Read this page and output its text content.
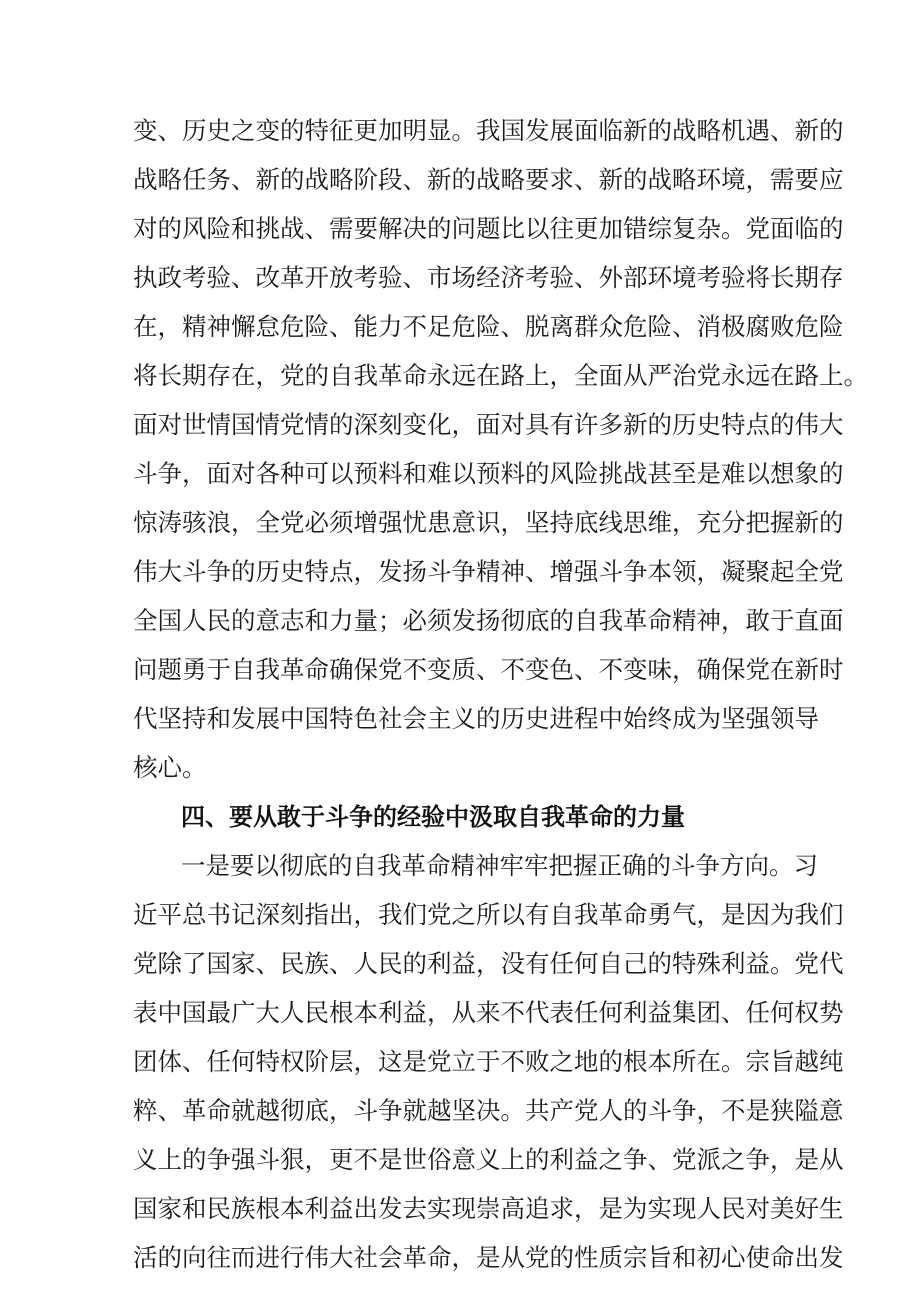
变、历史之变的特征更加明显。我国发展面临新的战略机遇、新的
战略任务、新的战略阶段、新的战略要求、新的战略环境，需要应
对的风险和挑战、需要解决的问题比以往更加错综复杂。党面临的
执政考验、改革开放考验、市场经济考验、外部环境考验将长期存
在，精神懈怠危险、能力不足危险、脱离群众危险、消极腐败危险
将长期存在，党的自我革命永远在路上，全面从严治党永远在路上。
面对世情国情党情的深刻变化，面对具有许多新的历史特点的伟大
斗争，面对各种可以预料和难以预料的风险挑战甚至是难以想象的
惊涛骇浪，全党必须增强忧患意识，坚持底线思维，充分把握新的
伟大斗争的历史特点，发扬斗争精神、增强斗争本领，凝聚起全党
全国人民的意志和力量；必须发扬彻底的自我革命精神，敢于直面
问题勇于自我革命确保党不变质、不变色、不变味，确保党在新时
代坚持和发展中国特色社会主义的历史进程中始终成为坚强领导
核心。
四、要从敢于斗争的经验中汲取自我革命的力量
一是要以彻底的自我革命精神牢牢把握正确的斗争方向。习
近平总书记深刻指出，我们党之所以有自我革命勇气，是因为我们
党除了国家、民族、人民的利益，没有任何自己的特殊利益。党代
表中国最广大人民根本利益，从来不代表任何利益集团、任何权势
团体、任何特权阶层，这是党立于不败之地的根本所在。宗旨越纯
粹、革命就越彻底，斗争就越坚决。共产党人的斗争，不是狭隘意
义上的争强斗狠，更不是世俗意义上的利益之争、党派之争，是从
国家和民族根本利益出发去实现崇高追求，是为实现人民对美好生
活的向往而进行伟大社会革命，是从党的性质宗旨和初心使命出发
